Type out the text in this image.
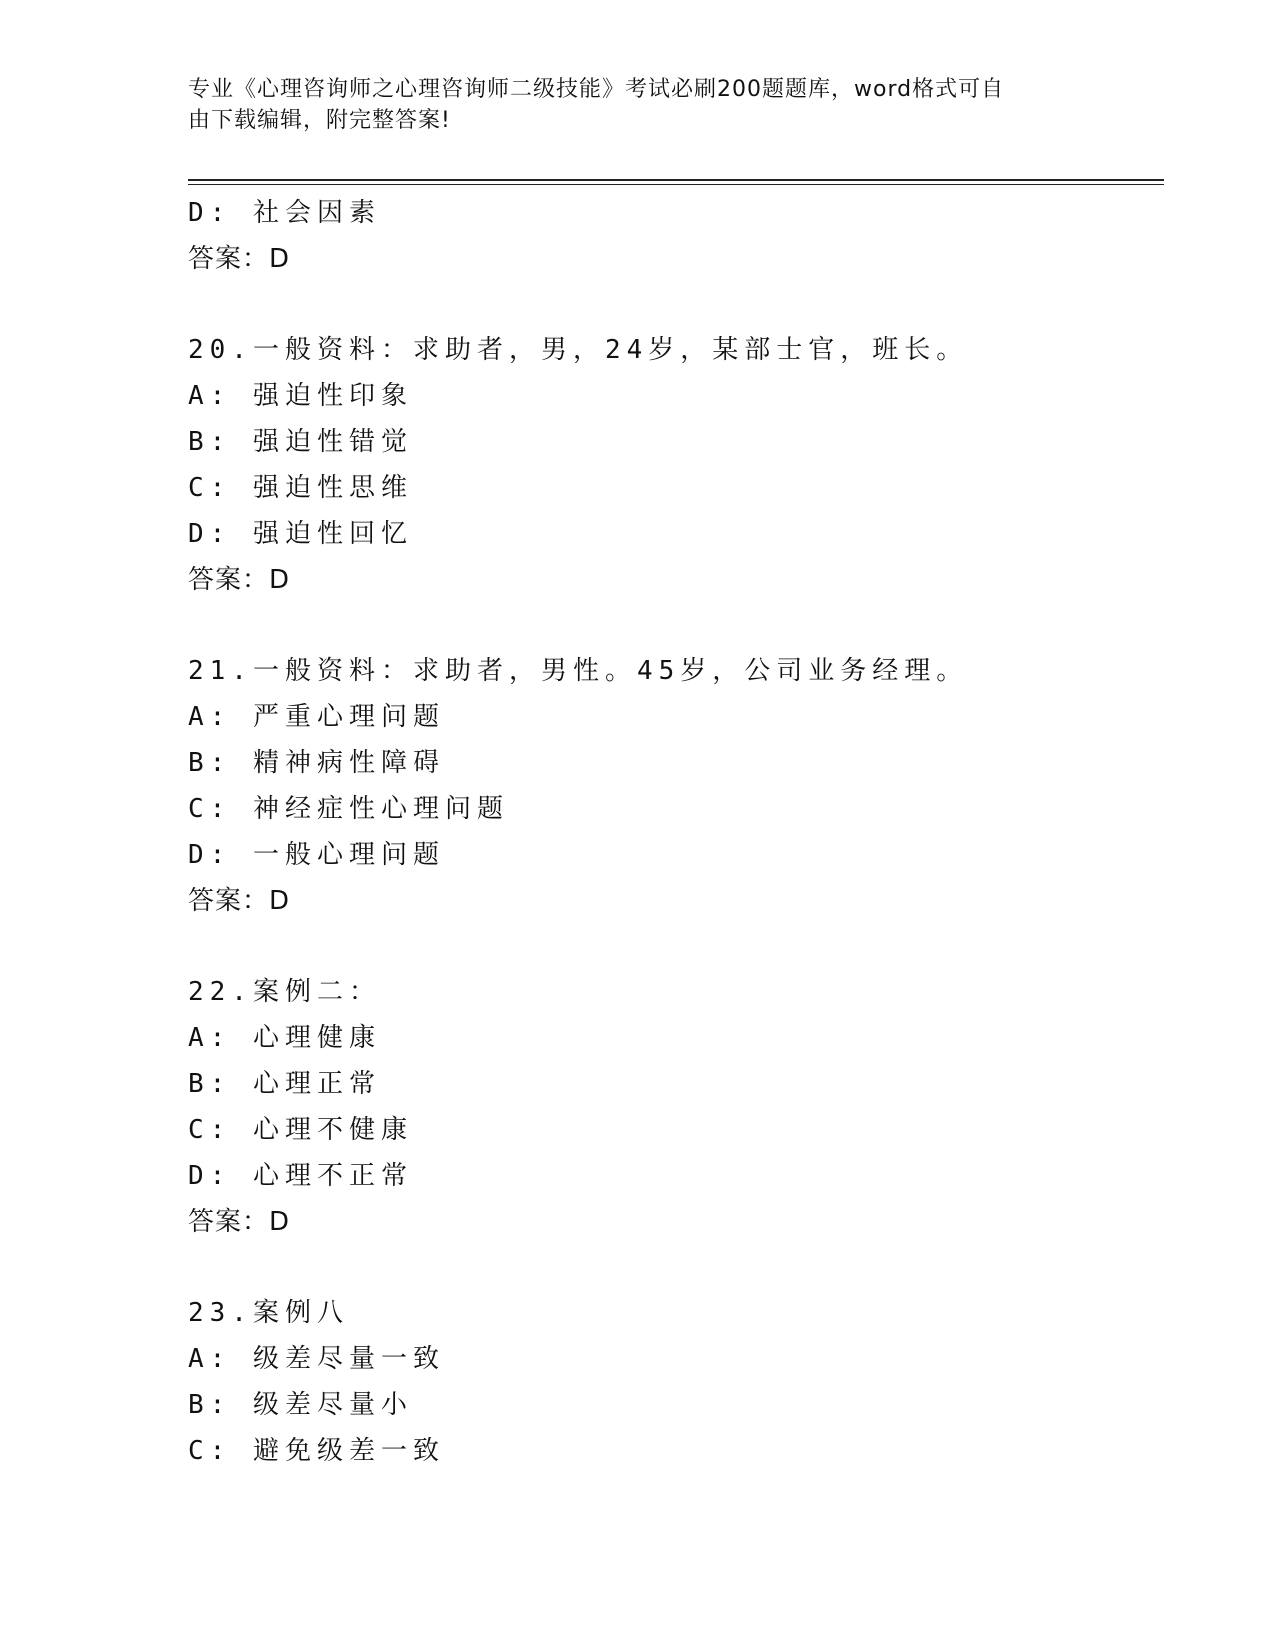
专业《心理咨询师之心理咨询师二级技能》考试必刷200题题库，word格式可自
由下载编辑，附完整答案!
D: 社会因素
答案：D
20.一般资料：求助者，男，24岁，某部士官，班长。
A: 强迫性印象
B: 强迫性错觉
C: 强迫性思维
D: 强迫性回忆
答案：D
21.一般资料：求助者，男性。45岁，公司业务经理。
A: 严重心理问题
B: 精神病性障碍
C: 神经症性心理问题
D: 一般心理问题
答案：D
22.案例二：
A: 心理健康
B: 心理正常
C: 心理不健康
D: 心理不正常
答案：D
23.案例八
A: 级差尽量一致
B: 级差尽量小
C: 避免级差一致
